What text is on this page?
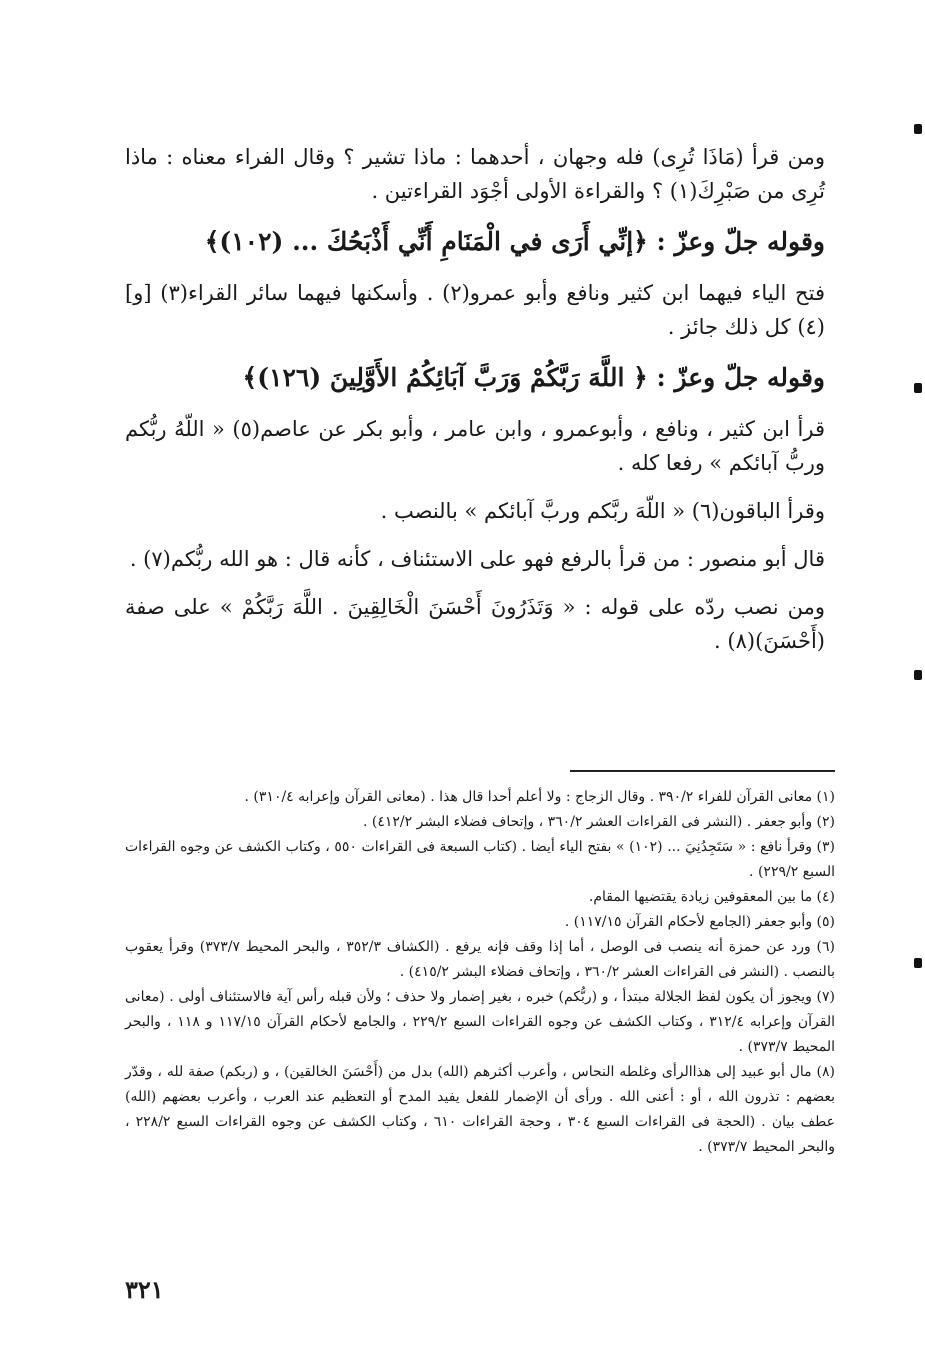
ومن قرأ (مَاذَا تُرِى) فله وجهان ، أحدهما : ماذا تشير ؟ وقال الفراء معناه : ماذا تُرِى من صَبْرِكَ(١) ؟ والقراءة الأولى أجْوَد القراءتين .

وقوله جلّ وعزّ : ﴿إنِّي أَرَى في الْمَنَامِ أَنِّي أَذْبَحُكَ ... (١٠٢)﴾

فتح الياء فيهما ابن كثير ونافع وأبو عمرو(٢) . وأسكنها فيهما سائر القراء(٣) [و] (٤) كل ذلك جائز .

وقوله جلّ وعزّ : ﴿ اللَّهَ رَبَّكُمْ وَرَبَّ آبَائِكُمُ الأَوَّلِينَ (١٢٦)﴾

قرأ ابن كثير ، ونافع ، وأبوعمرو ، وابن عامر ، وأبو بكر عن عاصم(٥) « اللّهُ ربُّكم وربُّ آبائكم » رفعا كله .

وقرأ الباقون(٦) « اللّهَ ربَّكم وربَّ آبائكم » بالنصب .

قال أبو منصور : من قرأ بالرفع فهو على الاستئناف ، كأنه قال : هو الله ربُّكم(٧) .

ومن نصب ردّه على قوله : « وَتَذَرُونَ أَحْسَنَ الْخَالِقِينَ . اللَّهَ رَبَّكُمْ » على صفة (أَحْسَنَ)(٨) .

(١) معانى القرآن للفراء ٣٩٠/٢ . وقال الزجاج : ولا أعلم أحدا قال هذا . (معانى القرآن وإعرابه ٣١٠/٤) .

(٢) وأبو جعفر . (النشر فى القراءات العشر ٣٦٠/٢ ، وإتحاف فضلاء البشر ٤١٢/٢) .

(٣) وقرأ نافع : « سَتَجِدُنِيَ ... (١٠٢) » بفتح الياء أيضا . (كتاب السبعة فى القراءات ٥٥٠ ، وكتاب الكشف عن وجوه القراءات السبع ٢٢٩/٢) .

(٤) ما بين المعقوفين زيادة يقتضيها المقام.

(٥) وأبو جعفر (الجامع لأحكام القرآن ١١٧/١٥) .

(٦) ورد عن حمزة أنه ينصب فى الوصل ، أما إذا وقف فإنه يرفع . (الكشاف ٣٥٢/٣ ، والبحر المحيط ٣٧٣/٧) وقرأ يعقوب بالنصب . (النشر فى القراءات العشر ٣٦٠/٢ ، وإتحاف فضلاء البشر ٤١٥/٢) .

(٧) ويجوز أن يكون لفظ الجلالة مبتدأ ، و (ربُّكم) خبره ، بغير إضمار ولا حذف ؛ ولأن قبله رأس آية فالاستئناف أولى . (معانى القرآن وإعرابه ٣١٢/٤ ، وكتاب الكشف عن وجوه القراءات السبع ٢٢٩/٢ ، والجامع لأحكام القرآن ١١٧/١٥ و ١١٨ ، والبحر المحيط ٣٧٣/٧) .

(٨) مال أبو عبيد إلى هذاالرأى وغلطه النحاس ، وأعرب أكثرهم (الله) بدل من (أَحْسَنَ الخالقين) ، و (ربكم) صفة لله ، وقدّر بعضهم : تذرون الله ، أو : أعنى الله . ورأى أن الإضمار للفعل يفيد المدح أو التعظيم عند العرب ، وأعرب بعضهم (الله) عطف بيان . (الحجة فى القراءات السبع ٣٠٤ ، وحجة القراءات ٦١٠ ، وكتاب الكشف عن وجوه القراءات السبع ٢٢٨/٢ ، والبحر المحيط ٣٧٣/٧) .

٣٢١
